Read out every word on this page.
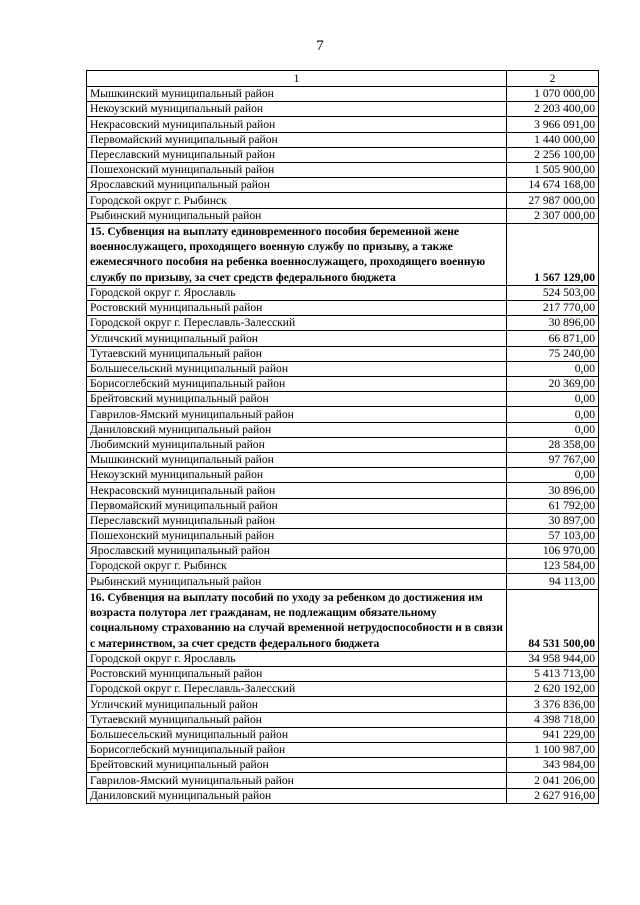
7
1	2
Мышкинский муниципальный район	1 070 000,00
Некоузский муниципальный район	2 203 400,00
Некрасовский муниципальный район	3 966 091,00
Первомайский муниципальный район	1 440 000,00
Переславский муниципальный район	2 256 100,00
Пошехонский муниципальный район	1 505 900,00
Ярославский муниципальный район	14 674 168,00
Городской округ г. Рыбинск	27 987 000,00
Рыбинский муниципальный район	2 307 000,00
15. Субвенция на выплату единовременного пособия беременной жене военнослужащего, проходящего военную службу по призыву, а также ежемесячного пособия на ребенка военнослужащего, проходящего военную службу по призыву, за счет средств федерального бюджета	1 567 129,00
Городской округ г. Ярославль	524 503,00
Ростовский муниципальный район	217 770,00
Городской округ г. Переславль-Залесский	30 896,00
Угличский муниципальный район	66 871,00
Тутаевский муниципальный район	75 240,00
Большесельский муниципальный район	0,00
Борисоглебский муниципальный район	20 369,00
Брейтовский муниципальный район	0,00
Гаврилов-Ямский муниципальный район	0,00
Даниловский муниципальный район	0,00
Любимский муниципальный район	28 358,00
Мышкинский муниципальный район	97 767,00
Некоузский муниципальный район	0,00
Некрасовский муниципальный район	30 896,00
Первомайский муниципальный район	61 792,00
Переславский муниципальный район	30 897,00
Пошехонский муниципальный район	57 103,00
Ярославский муниципальный район	106 970,00
Городской округ г. Рыбинск	123 584,00
Рыбинский муниципальный район	94 113,00
16. Субвенция на выплату пособий по уходу за ребенком до достижения им возраста полутора лет гражданам, не подлежащим обязательному социальному страхованию на случай временной нетрудоспособности и в связи с материнством, за счет средств федерального бюджета	84 531 500,00
Городской округ г. Ярославль	34 958 944,00
Ростовский муниципальный район	5 413 713,00
Городской округ г. Переславль-Залесский	2 620 192,00
Угличский муниципальный район	3 376 836,00
Тутаевский муниципальный район	4 398 718,00
Большесельский муниципальный район	941 229,00
Борисоглебский муниципальный район	1 100 987,00
Брейтовский муниципальный район	343 984,00
Гаврилов-Ямский муниципальный район	2 041 206,00
Даниловский муниципальный район	2 627 916,00
